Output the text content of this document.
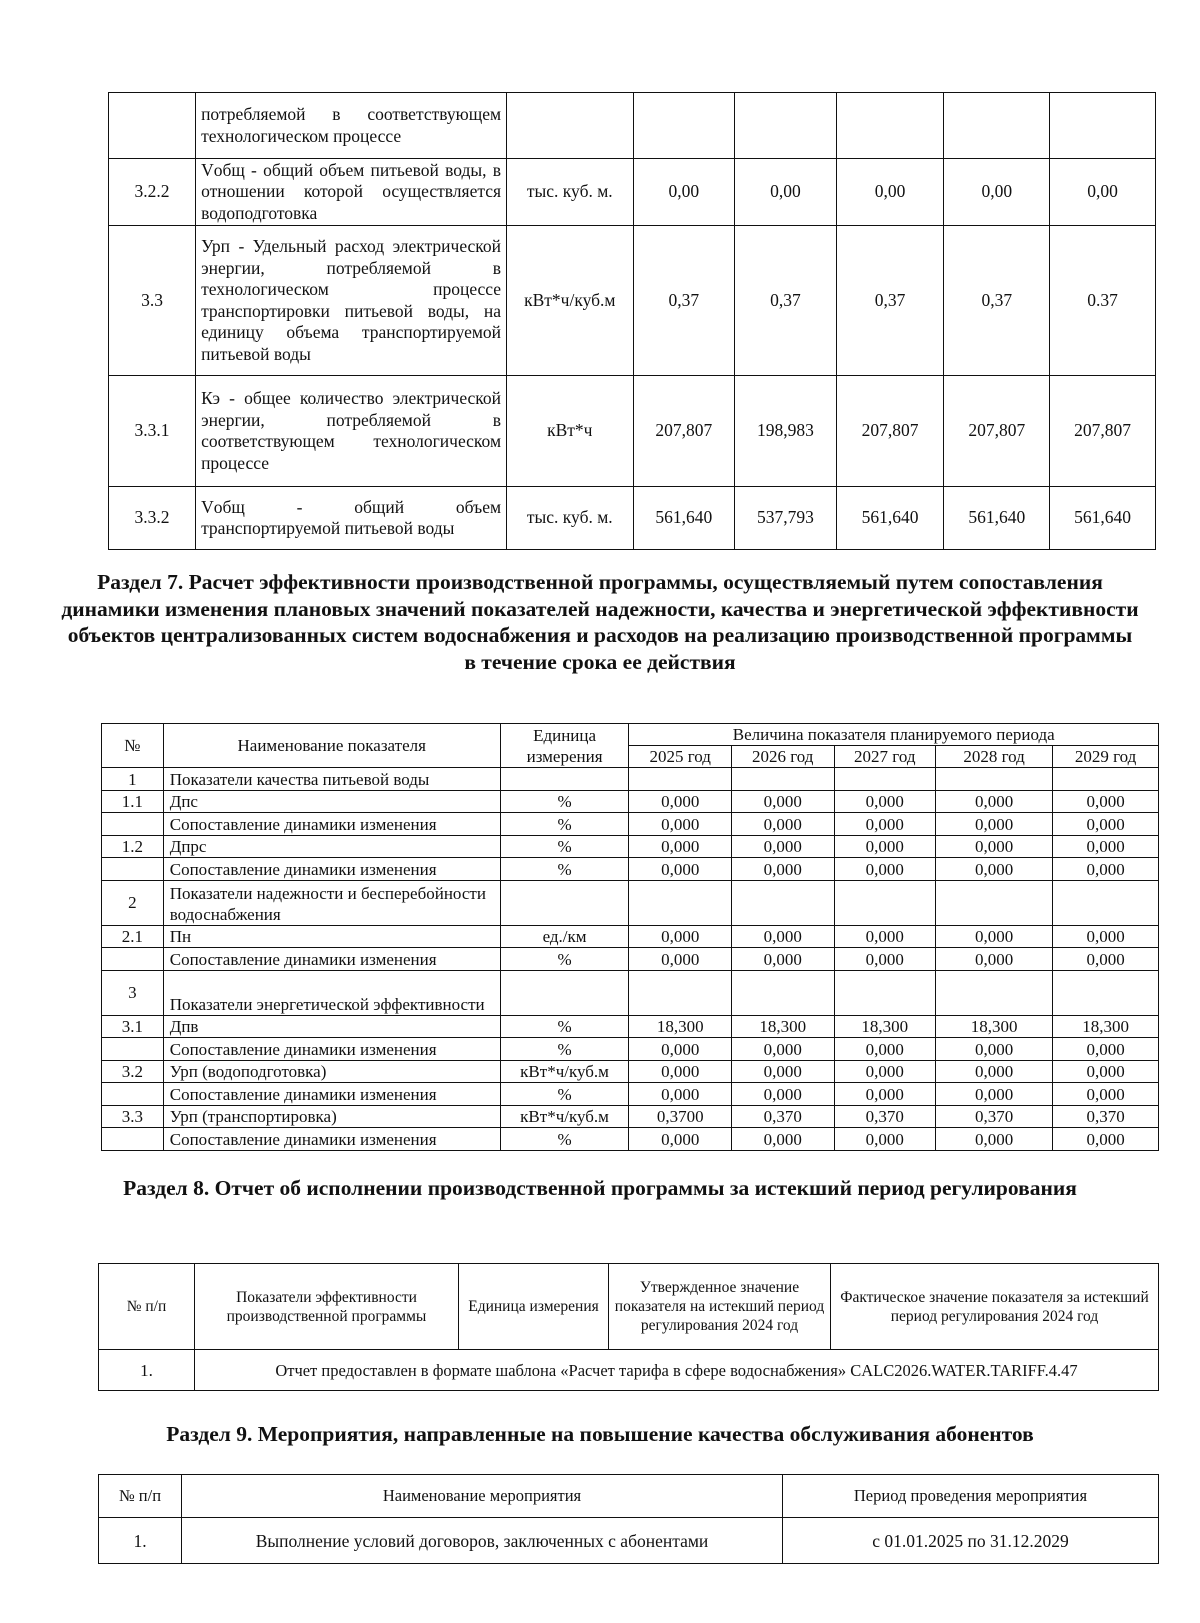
	потребляемой в соответствующем технологическом процессе						
3.2.2	Vобщ - общий объем питьевой воды, в отношении которой осуществляется водоподготовка	тыс. куб. м.	0,00	0,00	0,00	0,00	0,00
3.3	Урп - Удельный расход электрической энергии, потребляемой в технологическом процессе транспортировки питьевой воды, на единицу объема транспортируемой питьевой воды	кВт*ч/куб.м	0,37	0,37	0,37	0,37	0.37
3.3.1	Кэ - общее количество электрической энергии, потребляемой в соответствующем технологическом процессе	кВт*ч	207,807	198,983	207,807	207,807	207,807
3.3.2	Vобщ - общий объем транспортируемой питьевой воды	тыс. куб. м.	561,640	537,793	561,640	561,640	561,640
Раздел 7. Расчет эффективности производственной программы, осуществляемый путем сопоставления динамики изменения плановых значений показателей надежности, качества и энергетической эффективности объектов централизованных систем водоснабжения и расходов на реализацию производственной программы в течение срока ее действия
№	Наименование показателя	Единица измерения	Величина показателя планируемого периода				
			2025 год	2026 год	2027 год	2028 год	2029 год
1	Показатели качества питьевой воды						
1.1	Дпс	%	0,000	0,000	0,000	0,000	0,000
	Сопоставление динамики изменения	%	0,000	0,000	0,000	0,000	0,000
1.2	Дпрс	%	0,000	0,000	0,000	0,000	0,000
	Сопоставление динамики изменения	%	0,000	0,000	0,000	0,000	0,000
2	Показатели надежности и бесперебойности водоснабжения						
2.1	Пн	ед./км	0,000	0,000	0,000	0,000	0,000
	Сопоставление динамики изменения	%	0,000	0,000	0,000	0,000	0,000
3	Показатели энергетической эффективности						
3.1	Дпв	%	18,300	18,300	18,300	18,300	18,300
	Сопоставление динамики изменения	%	0,000	0,000	0,000	0,000	0,000
3.2	Урп (водоподготовка)	кВт*ч/куб.м	0,000	0,000	0,000	0,000	0,000
	Сопоставление динамики изменения	%	0,000	0,000	0,000	0,000	0,000
3.3	Урп (транспортировка)	кВт*ч/куб.м	0,3700	0,370	0,370	0,370	0,370
	Сопоставление динамики изменения	%	0,000	0,000	0,000	0,000	0,000
Раздел 8. Отчет об исполнении производственной программы за истекший период регулирования
№ п/п	Показатели эффективности производственной программы	Единица измерения	Утвержденное значение показателя на истекший период регулирования 2024 год	Фактическое значение показателя за истекший период регулирования 2024 год
1.	Отчет предоставлен в формате шаблона «Расчет тарифа в сфере водоснабжения» CALC2026.WATER.TARIFF.4.47			
Раздел 9. Мероприятия, направленные на повышение качества обслуживания абонентов
№ п/п	Наименование мероприятия	Период проведения мероприятия
1.	Выполнение условий договоров, заключенных с абонентами	с 01.01.2025 по 31.12.2029
